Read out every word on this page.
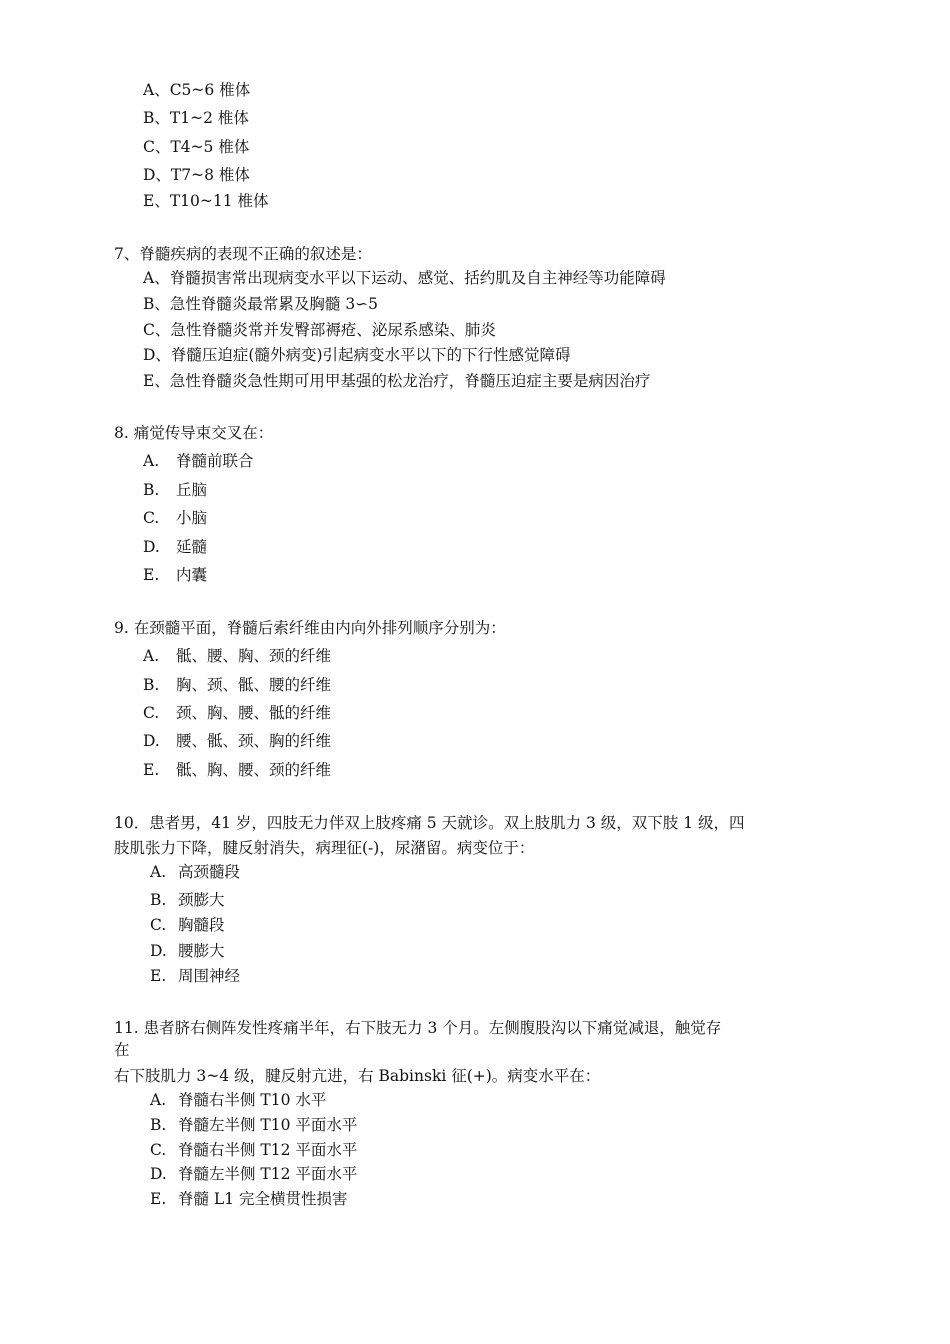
A、C5~6 椎体
B、T1~2 椎体
C、T4~5 椎体
D、T7~8 椎体
E、T10~11 椎体
7、脊髓疾病的表现不正确的叙述是：
A、脊髓损害常出现病变水平以下运动、感觉、括约肌及自主神经等功能障碍
B、急性脊髓炎最常累及胸髓 3∽5
C、急性脊髓炎常并发臀部褥疮、泌尿系感染、肺炎
D、脊髓压迫症(髓外病变)引起病变水平以下的下行性感觉障碍
E、急性脊髓炎急性期可用甲基强的松龙治疗，脊髓压迫症主要是病因治疗
8. 痛觉传导束交叉在：
A. 脊髓前联合
B. 丘脑
C. 小脑
D. 延髓
E. 内囊
9. 在颈髓平面，脊髓后索纤维由内向外排列顺序分别为：
A. 骶、腰、胸、颈的纤维
B. 胸、颈、骶、腰的纤维
C. 颈、胸、腰、骶的纤维
D. 腰、骶、颈、胸的纤维
E. 骶、胸、腰、颈的纤维
10．患者男，41 岁，四肢无力伴双上肢疼痛 5 天就诊。双上肢肌力 3 级，双下肢 1 级，四
肢肌张力下降，腱反射消失，病理征(-)，尿潴留。病变位于：
A. 高颈髓段
B. 颈膨大
C. 胸髓段
D. 腰膨大
E. 周围神经
11. 患者脐右侧阵发性疼痛半年，右下肢无力 3 个月。左侧腹股沟以下痛觉减退，触觉存
在
右下肢肌力 3~4 级，腱反射亢进，右 Babinski 征(+)。病变水平在：
A. 脊髓右半侧 T10 水平
B. 脊髓左半侧 T10 平面水平
C. 脊髓右半侧 T12 平面水平
D. 脊髓左半侧 T12 平面水平
E. 脊髓 L1 完全横贯性损害
